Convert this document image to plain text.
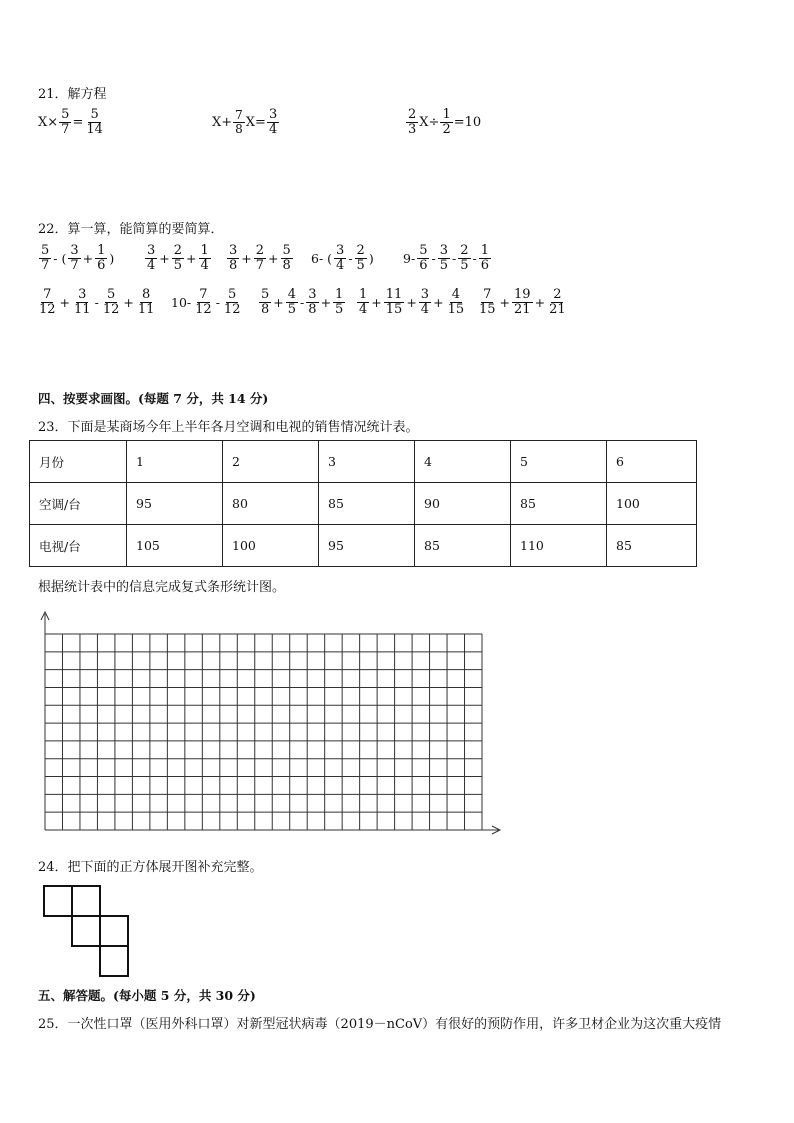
21．解方程
$X\times \frac{5}{7} = \frac{5}{14}$	$X+ \frac{7}{8} X= \frac{3}{4}$	$\frac{2}{3} X\div \frac{1}{2} =10$
22．算一算，能简算的要简算．
$\frac{5}{7}$ - ( $\frac{3}{7} + \frac{1}{6}$ ) $\frac{3}{4} + \frac{2}{5} + \frac{1}{4} \frac{3}{8} + \frac{2}{7} + \frac{5}{8} 6-$ ( $\frac{3}{4} - \frac{2}{5}$ ) $9- \frac{5}{6} - \frac{3}{5} - \frac{2}{5} - \frac{1}{6}$
$\frac{7}{12} + \frac{3}{11} - \frac{5}{12} + \frac{8}{11} 10- \frac{7}{12} - \frac{5}{12} \frac{5}{8} + \frac{4}{5} - \frac{3}{8} + \frac{1}{5} \frac{1}{4} + \frac{11}{15} + \frac{3}{4} + \frac{4}{15} \frac{7}{15} + \frac{19}{21} + \frac{2}{21}$
四、按要求画图。(每题 7 分，共 14 分)
23．下面是某商场今年上半年各月空调和电视的销售情况统计表。
月份	1	2	3	4	5	6
空调/台	95	80	85	90	85	100
电视/台	105	100	95	85	110	85
根据统计表中的信息完成复式条形统计图。
24．把下面的正方体展开图补充完整。
五、解答题。(每小题 5 分，共 30 分)
25．一次性口罩（医用外科口罩）对新型冠状病毒（2019－nCoV）有很好的预防作用，许多卫材企业为这次重大疫情
